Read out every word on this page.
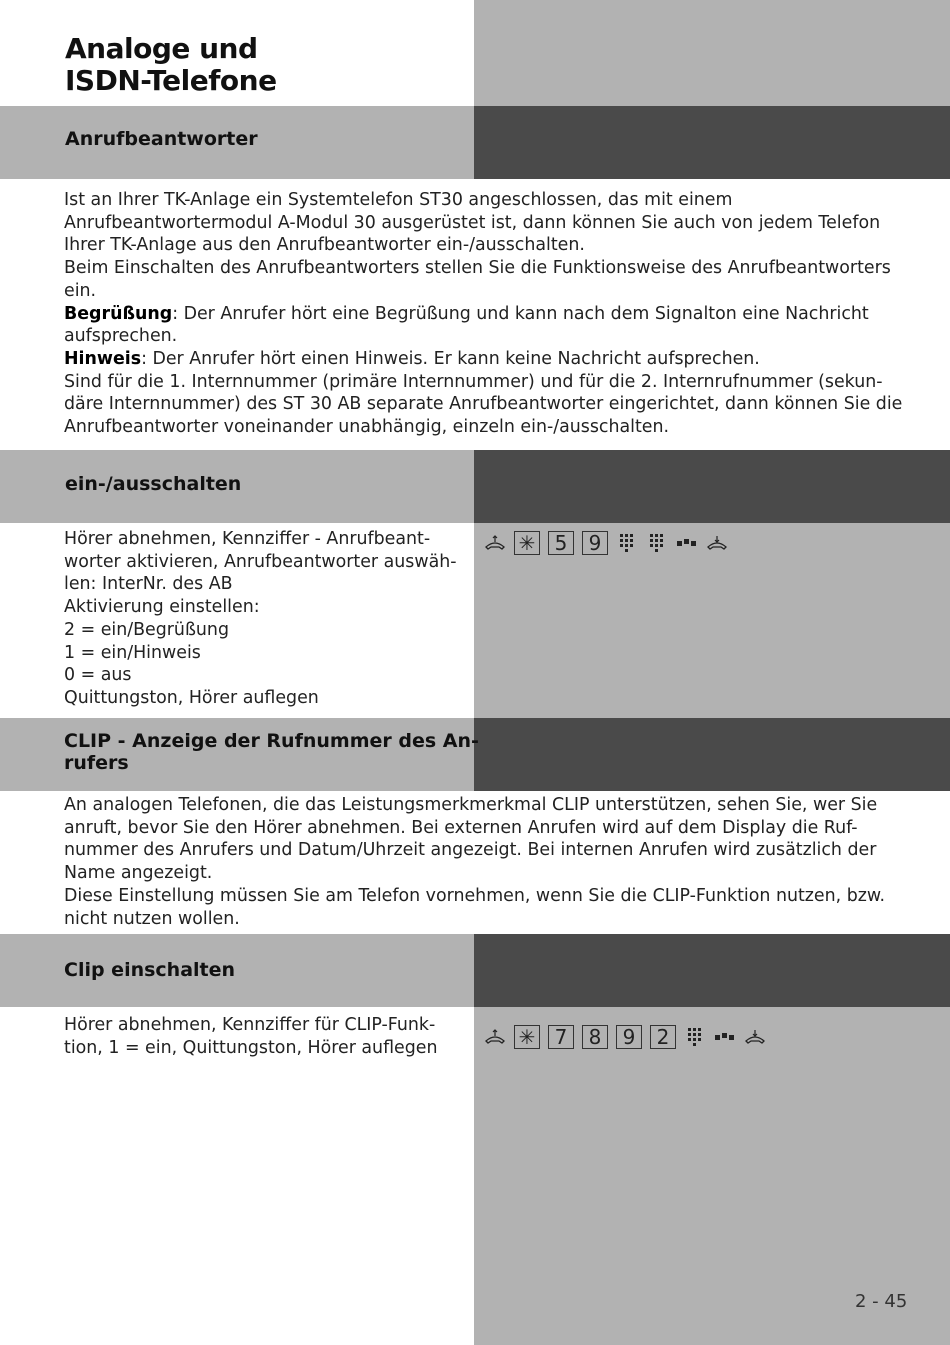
Analoge und
ISDN-Telefone
Anrufbeantworter

Ist an Ihrer TK-Anlage ein Systemtelefon ST30 angeschlossen, das mit einem Anrufbeantwortermodul A-Modul 30 ausgerüstet ist, dann können Sie auch von jedem Telefon Ihrer TK-Anlage aus den Anrufbeantworter ein-/ausschalten.

Beim Einschalten des Anrufbeantworters stellen Sie die Funktionsweise des Anrufbeantworters ein.

Begrüßung: Der Anrufer hört eine Begrüßung und kann nach dem Signalton eine Nachricht aufsprechen.

Hinweis: Der Anrufer hört einen Hinweis. Er kann keine Nachricht aufsprechen.

Sind für die 1. Internnummer (primäre Internnummer) und für die 2. Internrufnummer (sekun- däre Internnummer) des ST 30 AB separate Anrufbeantworter eingerichtet, dann können Sie die Anrufbeantworter voneinander unabhängig, einzeln ein-/ausschalten.

ein-/ausschalten
Hörer abnehmen, Kennziffer - Anrufbeant-
worter aktivieren, Anrufbeantworter auswäh-
len: InterNr. des AB
Aktivierung einstellen:
2 = ein/Begrüßung
1 = ein/Hinweis
0 = aus
Quittungston, Hörer auflegen
✳ 5	9
CLIP - Anzeige der Rufnummer des An-
rufers

An analogen Telefonen, die das Leistungsmerkmerkmal CLIP unterstützen, sehen Sie, wer Sie anruft, bevor Sie den Hörer abnehmen. Bei externen Anrufen wird auf dem Display die Ruf- nummer des Anrufers und Datum/Uhrzeit angezeigt. Bei internen Anrufen wird zusätzlich der Name angezeigt.

Diese Einstellung müssen Sie am Telefon vornehmen, wenn Sie die CLIP-Funktion nutzen, bzw. nicht nutzen wollen.

Clip einschalten
Hörer abnehmen, Kennziffer für CLIP-Funk-
tion, 1 = ein, Quittungston, Hörer auflegen	✳ 7	8	9	2
2 - 45
